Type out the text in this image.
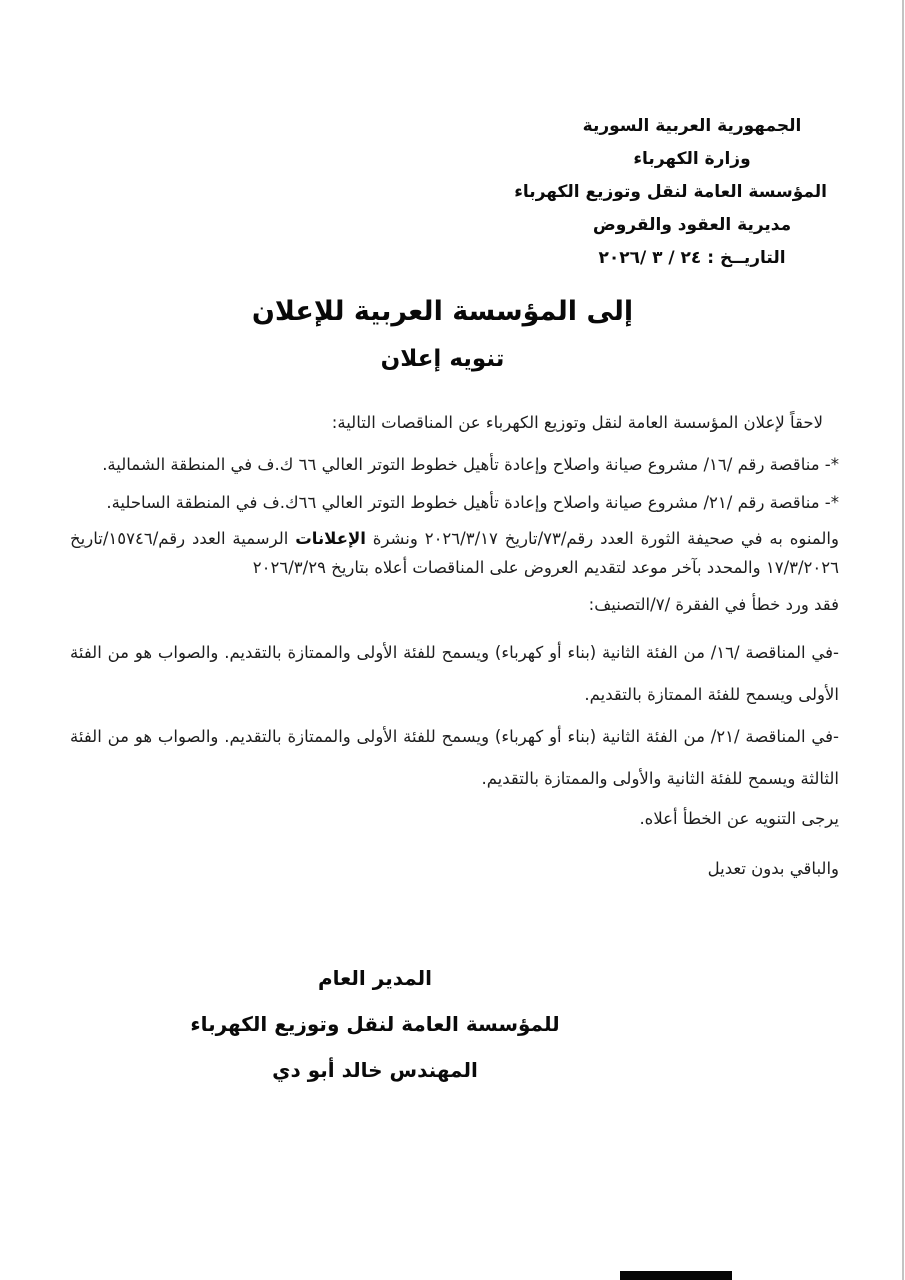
الجمهورية العربية السورية
وزارة الكهرباء
المؤسسة العامة لنقل وتوزيع الكهرباء
مديرية العقود والقروض
التاريــخ : ٢٤ / ٣ /٢٠٢٦
إلى المؤسسة العربية للإعلان
تنويه إعلان
لاحقاً لإعلان المؤسسة العامة لنقل وتوزيع الكهرباء عن المناقصات التالية:
*- مناقصة رقم /١٦/ مشروع صيانة واصلاح وإعادة تأهيل خطوط التوتر العالي ٦٦ ك.ف في المنطقة الشمالية.
*- مناقصة رقم /٢١/ مشروع صيانة واصلاح وإعادة تأهيل خطوط التوتر العالي ٦٦ك.ف في المنطقة الساحلية.
والمنوه به في صحيفة الثورة العدد رقم/٧٣/تاريخ ٢٠٢٦/٣/١٧ ونشرة الإعلانات الرسمية العدد رقم/١٥٧٤٦/تاريخ ١٧/٣/٢٠٢٦ والمحدد بآخر موعد لتقديم العروض على المناقصات أعلاه بتاريخ ٢٠٢٦/٣/٢٩
فقد ورد خطأ في الفقرة /٧/التصنيف:
-في المناقصة /١٦/ من الفئة الثانية (بناء أو كهرباء) ويسمح للفئة الأولى والممتازة بالتقديم. والصواب هو من الفئة الأولى ويسمح للفئة الممتازة بالتقديم.
-في المناقصة /٢١/ من الفئة الثانية (بناء أو كهرباء) ويسمح للفئة الأولى والممتازة بالتقديم. والصواب هو من الفئة الثالثة ويسمح للفئة الثانية والأولى والممتازة بالتقديم.
يرجى التنويه عن الخطأ أعلاه.
والباقي بدون تعديل
المدير العام
للمؤسسة العامة لنقل وتوزيع الكهرباء
المهندس خالد أبو دي
